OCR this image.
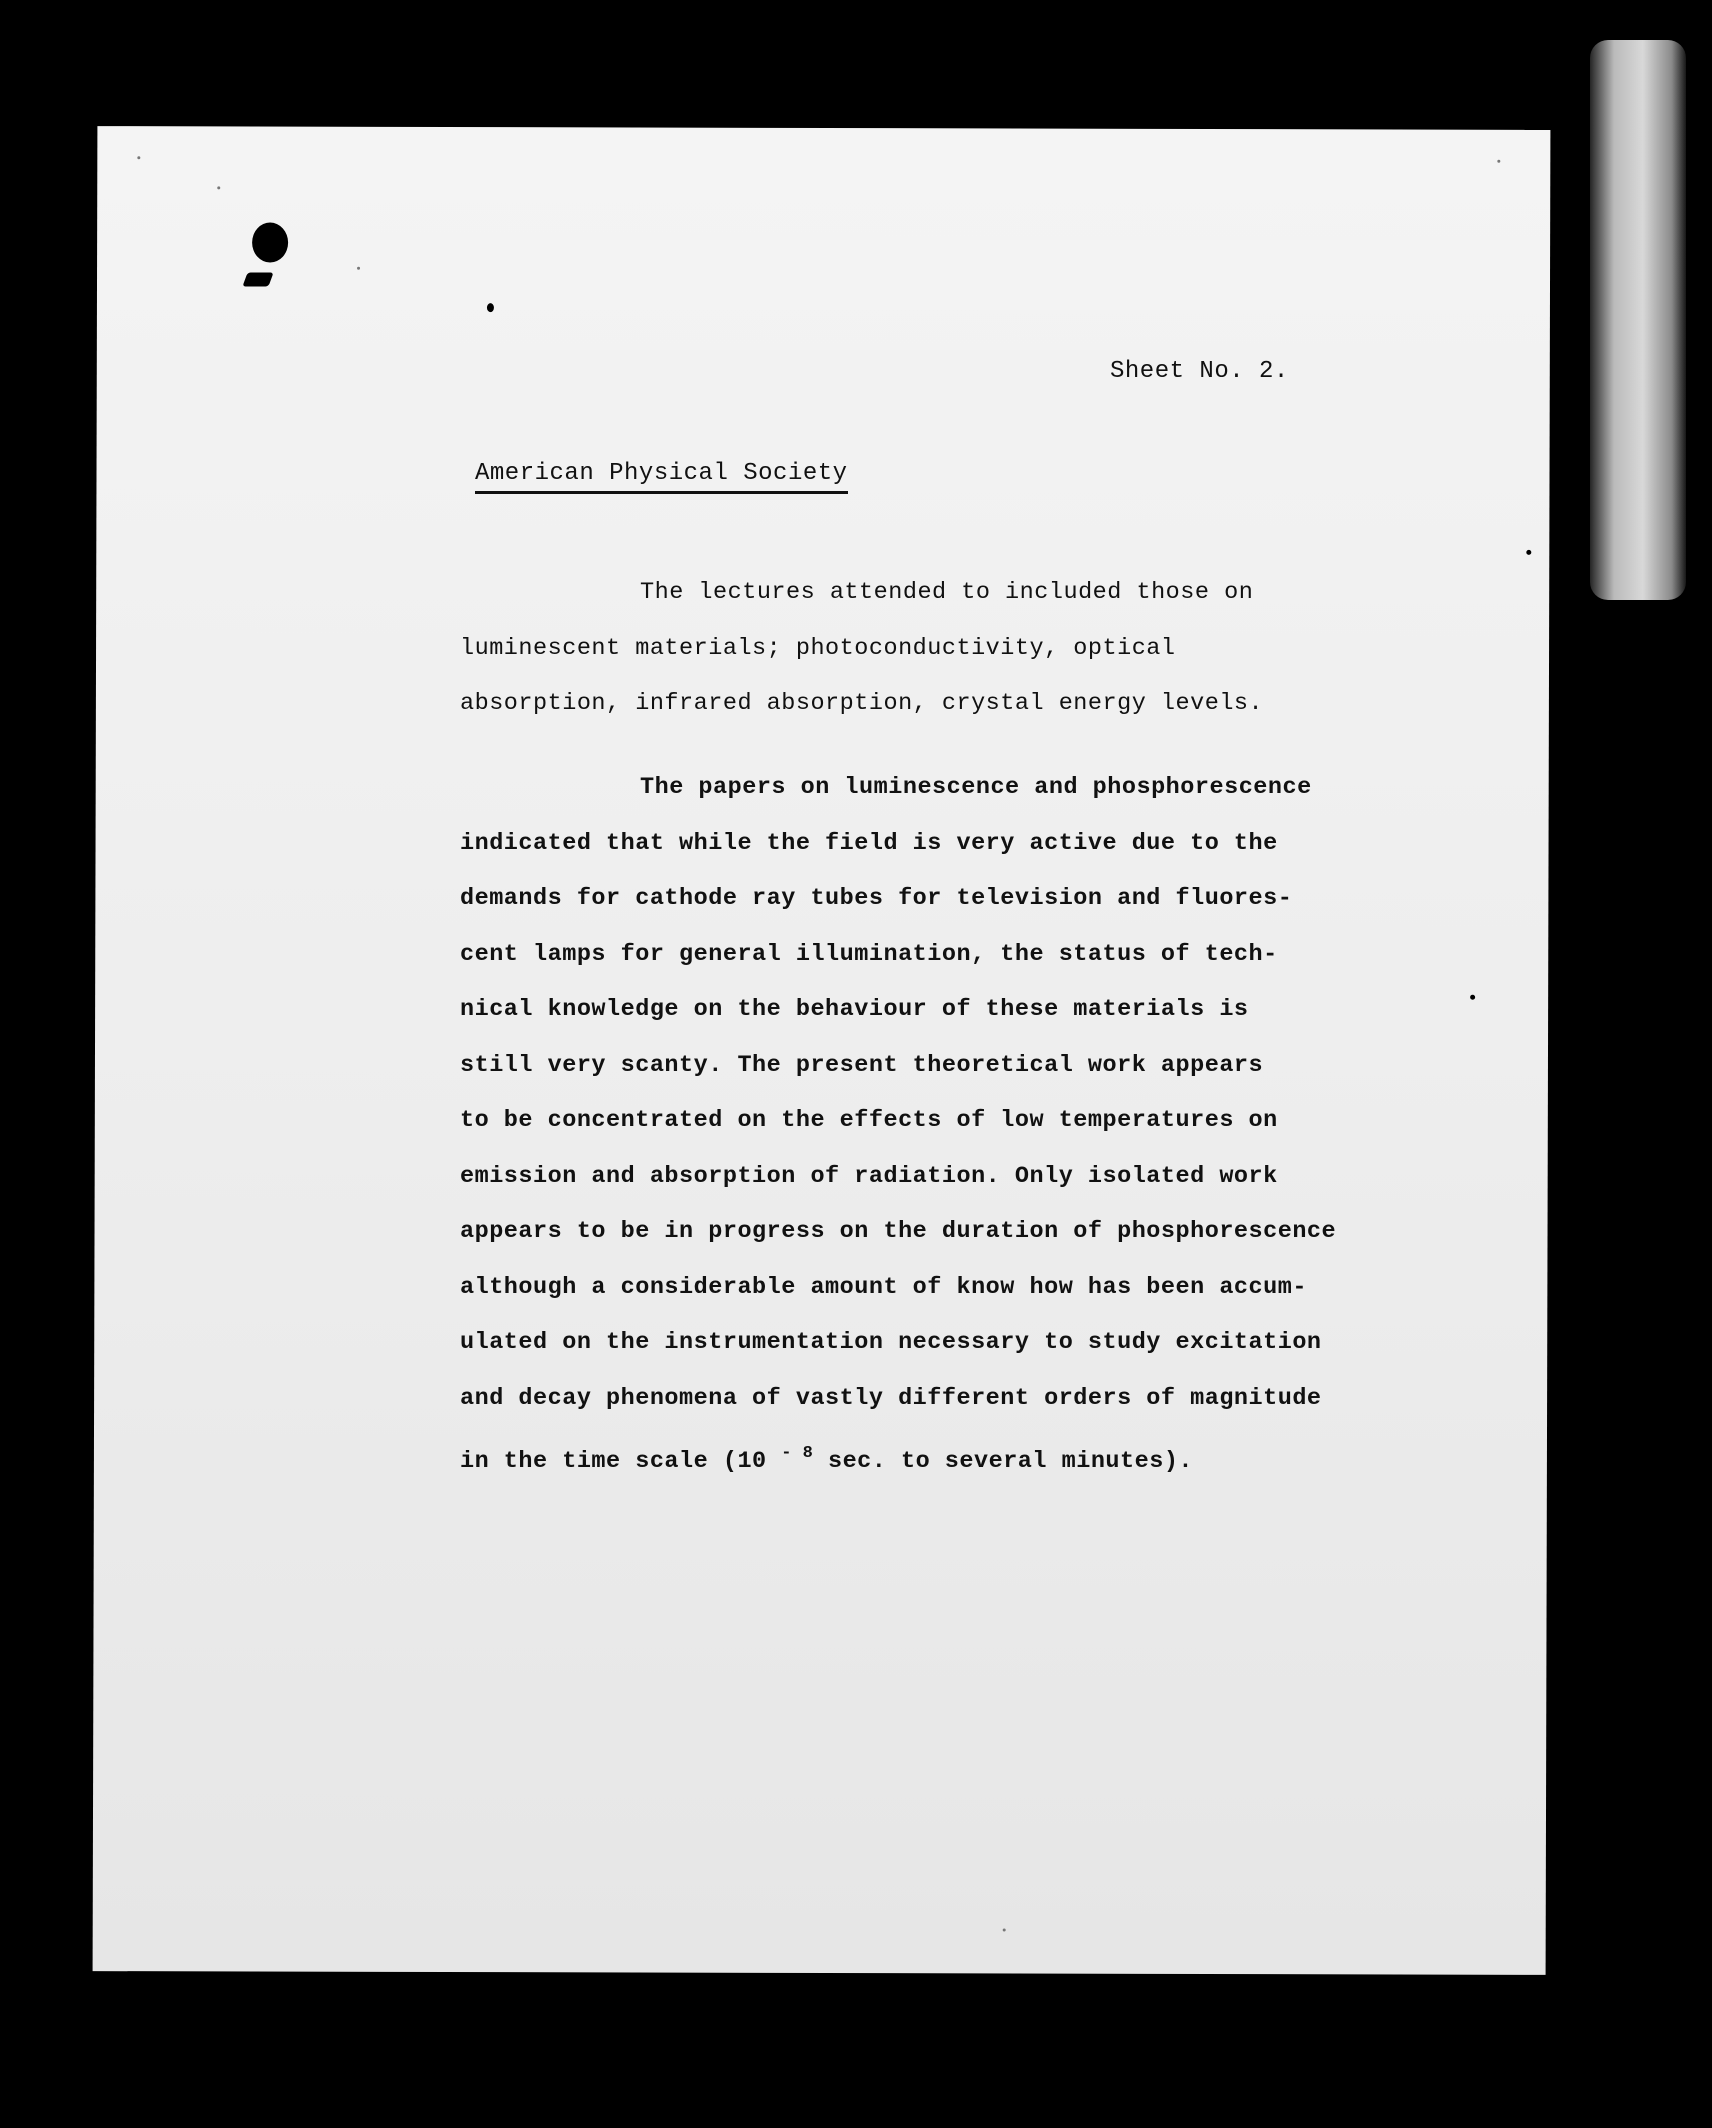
Sheet No. 2.
American Physical Society
The lectures attended to included those on
luminescent materials; photoconductivity, optical
absorption, infrared absorption, crystal energy levels.
The papers on luminescence and phosphorescence
indicated that while the field is very active due to the
demands for cathode ray tubes for television and fluores-
cent lamps for general illumination, the status of tech-
nical knowledge on the behaviour of these materials is
still very scanty. The present theoretical work appears
to be concentrated on the effects of low temperatures on
emission and absorption of radiation. Only isolated work
appears to be in progress on the duration of phosphorescence
although a considerable amount of know how has been accum-
ulated on the instrumentation necessary to study excitation
and decay phenomena of vastly different orders of magnitude
in the time scale (10 $^{- 8}$ sec. to several minutes).
